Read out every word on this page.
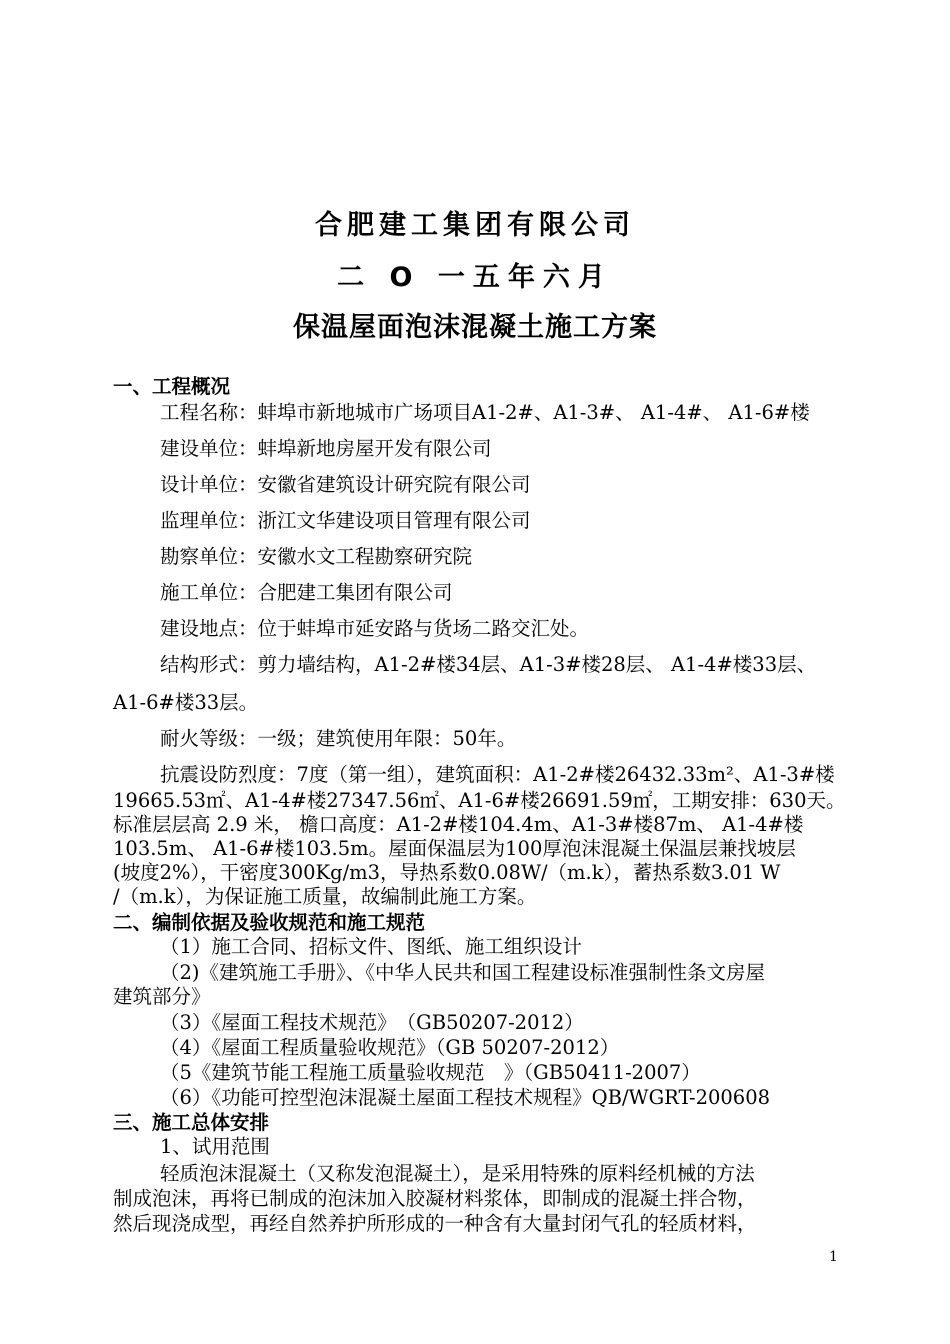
合肥建工集团有限公司
二 O 一五年六月
保温屋面泡沫混凝土施工方案
一、工程概况
工程名称：蚌埠市新地城市广场项目A1-2#、A1-3#、 A1-4#、 A1-6#楼
建设单位：蚌埠新地房屋开发有限公司
设计单位：安徽省建筑设计研究院有限公司
监理单位：浙江文华建设项目管理有限公司
勘察单位：安徽水文工程勘察研究院
施工单位：合肥建工集团有限公司
建设地点：位于蚌埠市延安路与货场二路交汇处。
结构形式：剪力墙结构，A1-2#楼34层、A1-3#楼28层、 A1-4#楼33层、
A1-6#楼33层。
耐火等级：一级；建筑使用年限：50年。
抗震设防烈度：7度（第一组），建筑面积：A1-2#楼26432.33m²、A1-3#楼
19665.53㎡、A1-4#楼27347.56㎡、A1-6#楼26691.59㎡，工期安排：630天。
标准层层高 2.9 米， 檐口高度：A1-2#楼104.4m、A1-3#楼87m、 A1-4#楼
103.5m、 A1-6#楼103.5m。屋面保温层为100厚泡沫混凝土保温层兼找坡层
(坡度2%），干密度300Kg/m3，导热系数0.08W/（m.k），蓄热系数3.01 W
/（m.k），为保证施工质量，故编制此施工方案。
二、编制依据及验收规范和施工规范
（1）施工合同、招标文件、图纸、施工组织设计
（2)《建筑施工手册》、《中华人民共和国工程建设标准强制性条文房屋
建筑部分》
（3）《屋面工程技术规范》　（GB50207-2012）
（4）《屋面工程质量验收规范》（GB 50207-2012）
（5《建筑节能工程施工质量验收规范　》（GB50411-2007）
（6）《功能可控型泡沫混凝土屋面工程技术规程》QB/WGRT-200608
三、施工总体安排
1、试用范围
轻质泡沫混凝土（又称发泡混凝土），是采用特殊的原料经机械的方法
制成泡沫，再将已制成的泡沫加入胶凝材料浆体，即制成的混凝土拌合物，
然后现浇成型，再经自然养护所形成的一种含有大量封闭气孔的轻质材料，
1
